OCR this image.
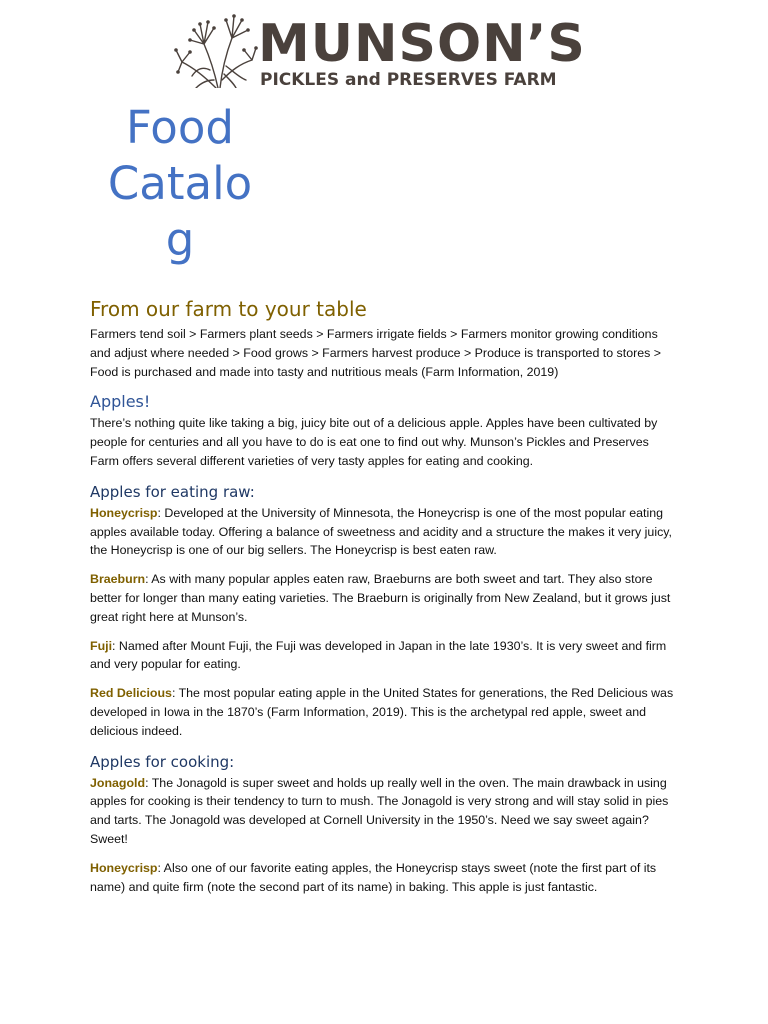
MUNSON’S
PICKLES and PRESERVES FARM
Food Catalog
From our farm to your table

Farmers tend soil > Farmers plant seeds > Farmers irrigate fields > Farmers monitor growing conditions and adjust where needed > Food grows > Farmers harvest produce > Produce is transported to stores > Food is purchased and made into tasty and nutritious meals (Farm Information, 2019)

Apples!

There’s nothing quite like taking a big, juicy bite out of a delicious apple. Apples have been cultivated by people for centuries and all you have to do is eat one to find out why. Munson’s Pickles and Preserves Farm offers several different varieties of very tasty apples for eating and cooking.

Apples for eating raw:

Honeycrisp: Developed at the University of Minnesota, the Honeycrisp is one of the most popular eating apples available today. Offering a balance of sweetness and acidity and a structure the makes it very juicy, the Honeycrisp is one of our big sellers. The Honeycrisp is best eaten raw.

Braeburn: As with many popular apples eaten raw, Braeburns are both sweet and tart. They also store better for longer than many eating varieties. The Braeburn is originally from New Zealand, but it grows just great right here at Munson’s.

Fuji: Named after Mount Fuji, the Fuji was developed in Japan in the late 1930’s. It is very sweet and firm and very popular for eating.

Red Delicious: The most popular eating apple in the United States for generations, the Red Delicious was developed in Iowa in the 1870’s (Farm Information, 2019). This is the archetypal red apple, sweet and delicious indeed.

Apples for cooking:

Jonagold: The Jonagold is super sweet and holds up really well in the oven. The main drawback in using apples for cooking is their tendency to turn to mush. The Jonagold is very strong and will stay solid in pies and tarts. The Jonagold was developed at Cornell University in the 1950’s. Need we say sweet again? Sweet!

Honeycrisp: Also one of our favorite eating apples, the Honeycrisp stays sweet (note the first part of its name) and quite firm (note the second part of its name) in baking. This apple is just fantastic.
